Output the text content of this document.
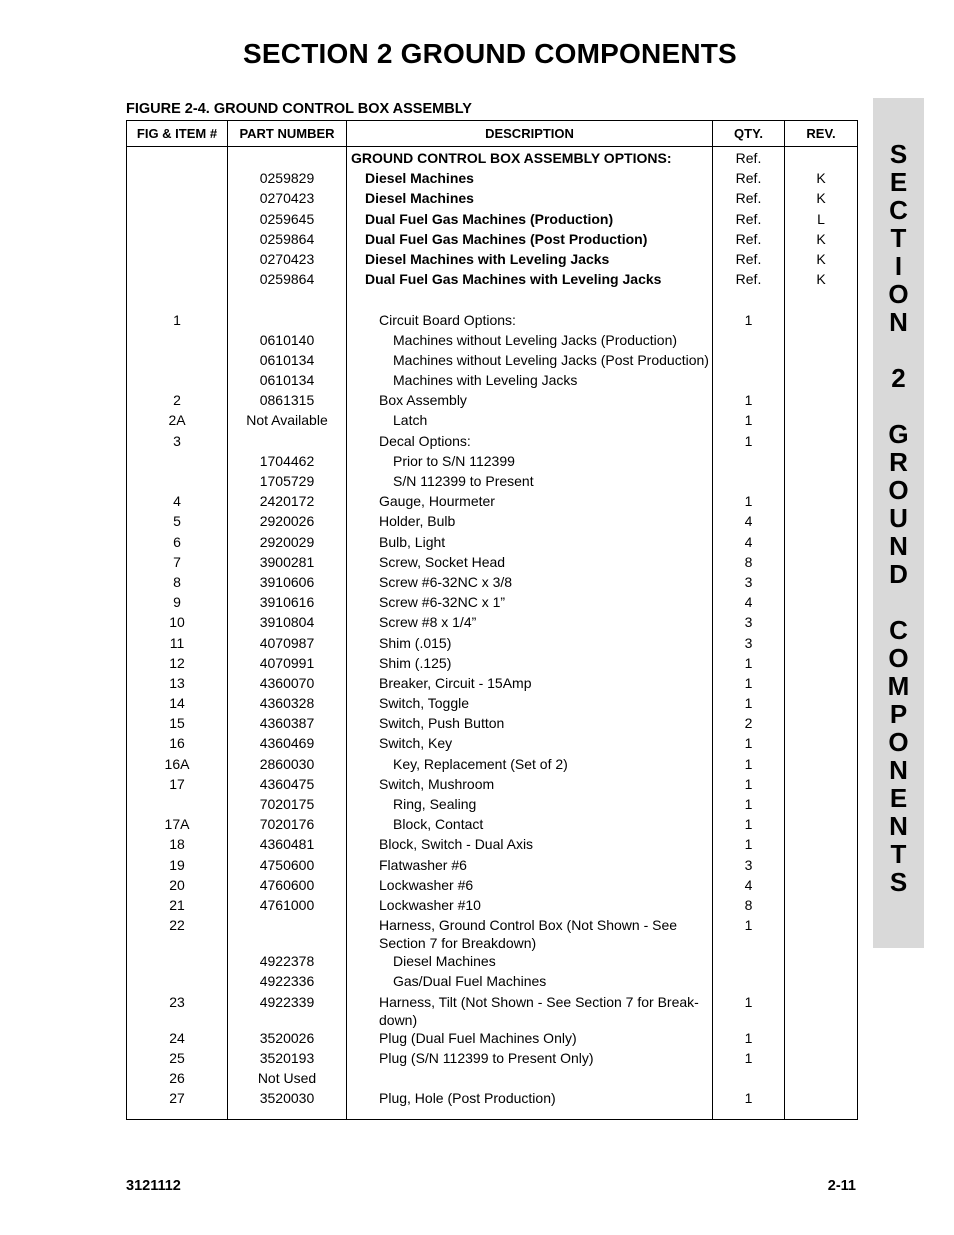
SECTION 2 GROUND COMPONENTS
FIGURE 2-4. GROUND CONTROL BOX ASSEMBLY
S
E
C
T
I
O
N
2
G
R
O
U
N
D
C
O
M
P
O
N
E
N
T
S
FIG & ITEM #	PART NUMBER	DESCRIPTION	QTY.	REV.

		GROUND CONTROL BOX ASSEMBLY OPTIONS:	Ref.	
	0259829	Diesel Machines	Ref.	K
	0270423	Diesel Machines	Ref.	K
	0259645	Dual Fuel Gas Machines (Production)	Ref.	L
	0259864	Dual Fuel Gas Machines (Post Production)	Ref.	K
	0270423	Diesel Machines with Leveling Jacks	Ref.	K
	0259864	Dual Fuel Gas Machines with Leveling Jacks	Ref.	K

1		Circuit Board Options:	1	
	0610140	Machines without Leveling Jacks (Production)		

	0610134	Machines without Leveling Jacks (Post Production)		

	0610134	Machines with Leveling Jacks		

2	0861315	Box Assembly	1	
2A	Not Available	Latch	1	
3		Decal Options:	1	
	1704462	Prior to S/N 112399		

	1705729	S/N 112399 to Present		

4	2420172	Gauge, Hourmeter	1	
5	2920026	Holder, Bulb	4	
6	2920029	Bulb, Light	4	
7	3900281	Screw, Socket Head	8	
8	3910606	Screw #6-32NC x 3/8	3	
9	3910616	Screw #6-32NC x 1”	4	
10	3910804	Screw #8 x 1/4”	3	
11	4070987	Shim (.015)	3	
12	4070991	Shim (.125)	1	
13	4360070	Breaker, Circuit - 15Amp	1	
14	4360328	Switch, Toggle	1	
15	4360387	Switch, Push Button	2	
16	4360469	Switch, Key	1	
16A	2860030	Key, Replacement (Set of 2)	1	
17	4360475	Switch, Mushroom	1	
	7020175	Ring, Sealing	1	
17A	7020176	Block, Contact	1	
18	4360481	Block, Switch - Dual Axis	1	
19	4750600	Flatwasher #6	3	
20	4760600	Lockwasher #6	4	
21	4761000	Lockwasher #10	8	
22		Harness, Ground Control Box (Not Shown - See Section 7 for Breakdown)	1	
	4922378	Diesel Machines		

	4922336	Gas/Dual Fuel Machines		

23	4922339	Harness, Tilt (Not Shown - See Section 7 for Break-down)	1	
24	3520026	Plug (Dual Fuel Machines Only)	1	
25	3520193	Plug (S/N 112399 to Present Only)	1	
26	Not Used	

27	3520030	Plug, Hole (Post Production)	1	
3121112	2-11
